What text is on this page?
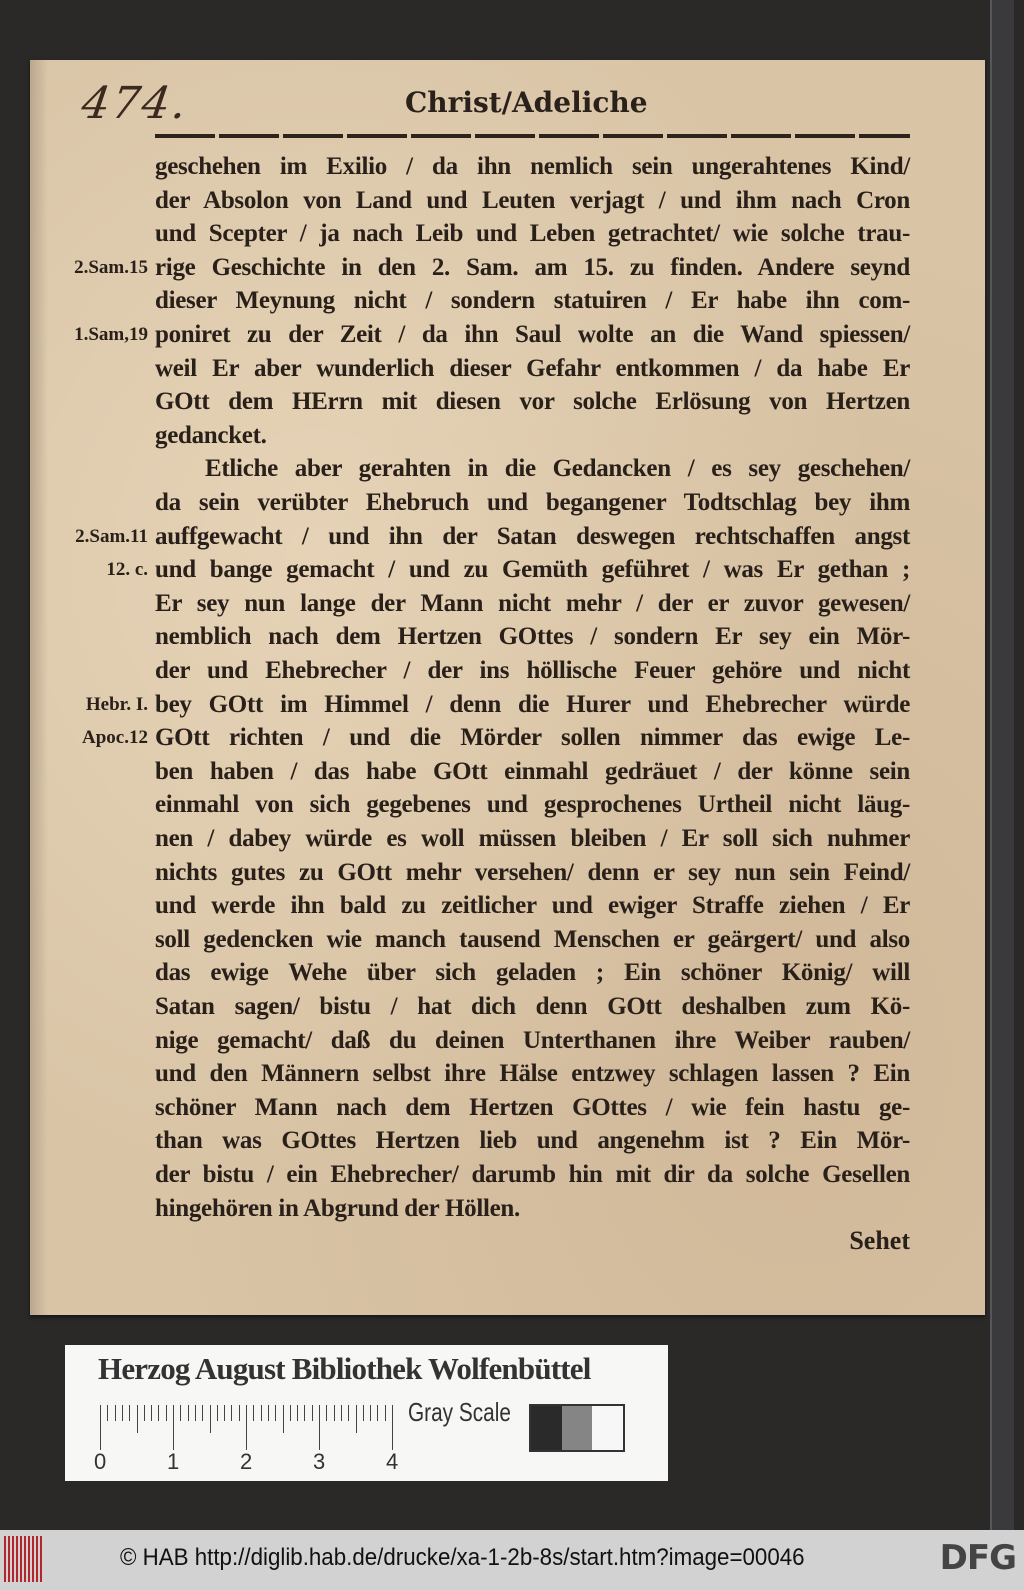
474.	Christ/Adeliche
geschehen im Exilio / da ihn nemlich sein ungerahtenes Kind/
der Absolon von Land und Leuten verjagt / und ihm nach Cron
und Scepter / ja nach Leib und Leben getrachtet/ wie solche trau-
rige Geschichte in den 2. Sam. am 15. zu finden. Andere seynd
2.Sam.15
dieser Meynung nicht / sondern statuiren / Er habe ihn com-
poniret zu der Zeit / da ihn Saul wolte an die Wand spiessen/
1.Sam,19
weil Er aber wunderlich dieser Gefahr entkommen / da habe Er
GOtt dem HErrn mit diesen vor solche Erlösung von Hertzen
gedancket.
Etliche aber gerahten in die Gedancken / es sey geschehen/
da sein verübter Ehebruch und begangener Todtschlag bey ihm
auffgewacht / und ihn der Satan deswegen rechtschaffen angst
2.Sam.11
und bange gemacht / und zu Gemüth geführet / was Er gethan ;
12. c.
Er sey nun lange der Mann nicht mehr / der er zuvor gewesen/
nemblich nach dem Hertzen GOttes / sondern Er sey ein Mör-
der und Ehebrecher / der ins höllische Feuer gehöre und nicht
bey GOtt im Himmel / denn die Hurer und Ehebrecher würde
Hebr. I.
GOtt richten / und die Mörder sollen nimmer das ewige Le-
Apoc.12
ben haben / das habe GOtt einmahl gedräuet / der könne sein
einmahl von sich gegebenes und gesprochenes Urtheil nicht läug-
nen / dabey würde es woll müssen bleiben / Er soll sich nuhmer
nichts gutes zu GOtt mehr versehen/ denn er sey nun sein Feind/
und werde ihn bald zu zeitlicher und ewiger Straffe ziehen / Er
soll gedencken wie manch tausend Menschen er geärgert/ und also
das ewige Wehe über sich geladen ; Ein schöner König/ will
Satan sagen/ bistu / hat dich denn GOtt deshalben zum Kö-
nige gemacht/ daß du deinen Unterthanen ihre Weiber rauben/
und den Männern selbst ihre Hälse entzwey schlagen lassen ? Ein
schöner Mann nach dem Hertzen GOttes / wie fein hastu ge-
than was GOttes Hertzen lieb und angenehm ist ? Ein Mör-
der bistu / ein Ehebrecher/ darumb hin mit dir da solche Gesellen
hingehören in Abgrund der Höllen.
Sehet
Herzog August Bibliothek Wolfenbüttel
0	1	2	3	4
Gray Scale
© HAB http://diglib.hab.de/drucke/xa-1-2b-8s/start.htm?image=00046	DFG
